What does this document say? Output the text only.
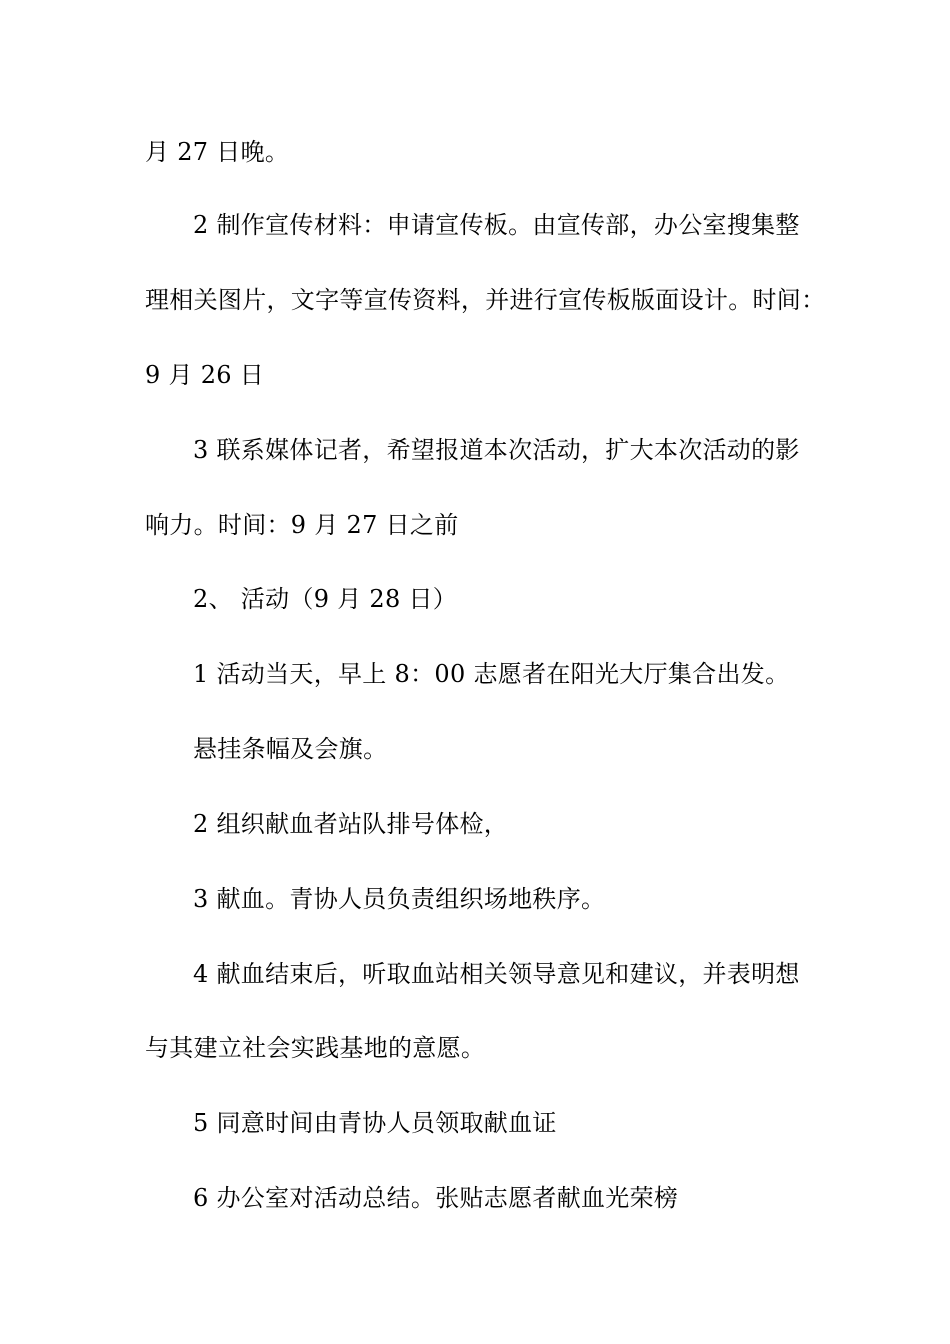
月 27 日晚。
2 制作宣传材料：申请宣传板。由宣传部，办公室搜集整
理相关图片，文字等宣传资料，并进行宣传板版面设计。时间：
9 月 26 日
3 联系媒体记者，希望报道本次活动，扩大本次活动的影
响力。时间：9 月 27 日之前
2、 活动（9 月 28 日）
1 活动当天，早上 8：00 志愿者在阳光大厅集合出发。
悬挂条幅及会旗。
2 组织献血者站队排号体检，
3 献血。青协人员负责组织场地秩序。
4 献血结束后，听取血站相关领导意见和建议，并表明想
与其建立社会实践基地的意愿。
5 同意时间由青协人员领取献血证
6 办公室对活动总结。张贴志愿者献血光荣榜
